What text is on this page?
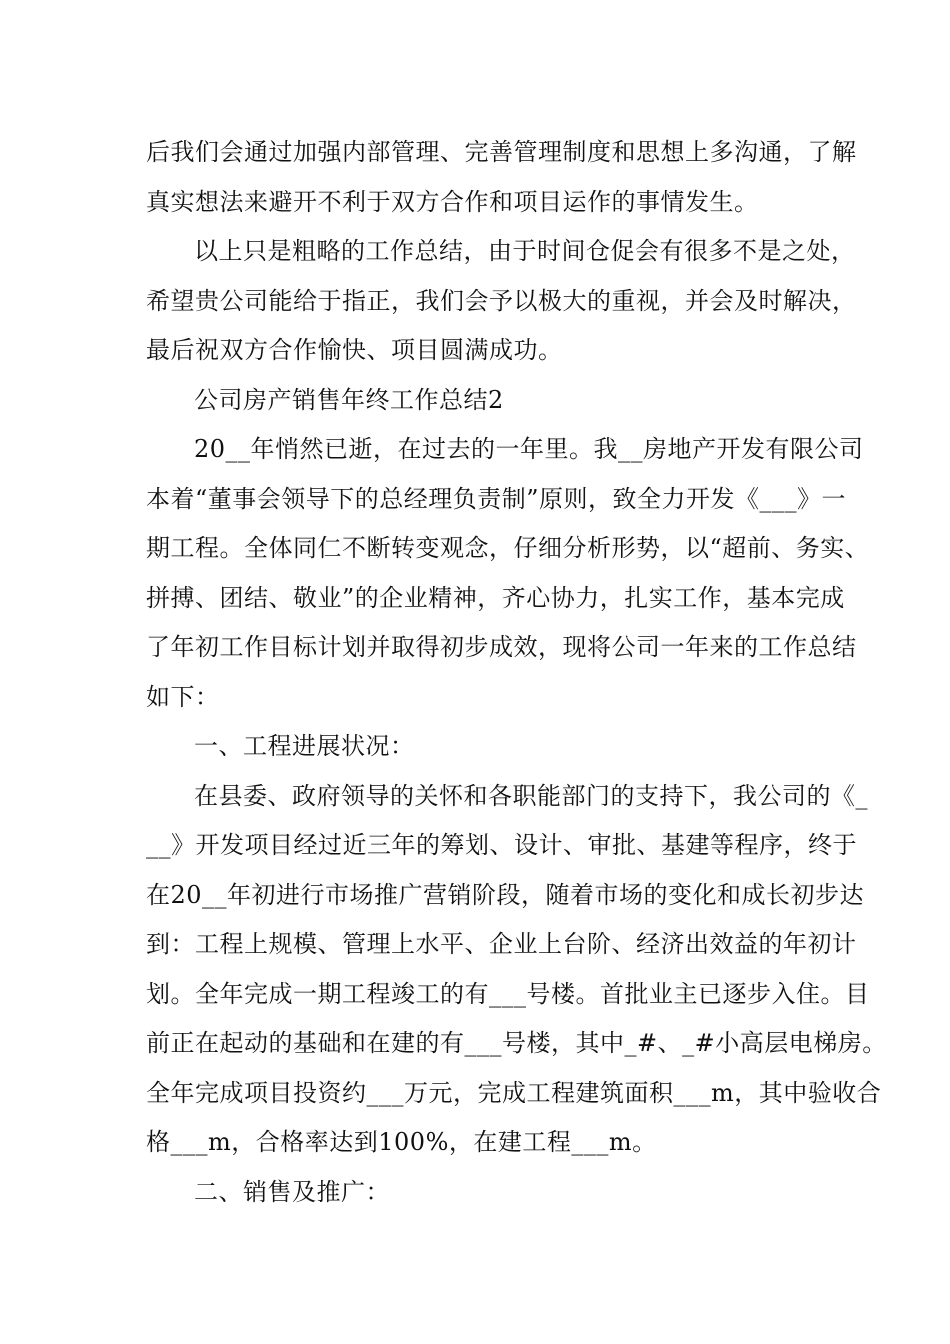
后我们会通过加强内部管理、完善管理制度和思想上多沟通，了解
真实想法来避开不利于双方合作和项目运作的事情发生。
以上只是粗略的工作总结，由于时间仓促会有很多不是之处，
希望贵公司能给于指正，我们会予以极大的重视，并会及时解决，
最后祝双方合作愉快、项目圆满成功。
公司房产销售年终工作总结2
20__年悄然已逝，在过去的一年里。我__房地产开发有限公司
本着“董事会领导下的总经理负责制”原则，致全力开发《___》一
期工程。全体同仁不断转变观念，仔细分析形势，以“超前、务实、
拼搏、团结、敬业”的企业精神，齐心协力，扎实工作，基本完成
了年初工作目标计划并取得初步成效，现将公司一年来的工作总结
如下：
一、工程进展状况：
在县委、政府领导的关怀和各职能部门的支持下，我公司的《_
__》开发项目经过近三年的筹划、设计、审批、基建等程序，终于
在20__年初进行市场推广营销阶段，随着市场的变化和成长初步达
到：工程上规模、管理上水平、企业上台阶、经济出效益的年初计
划。全年完成一期工程竣工的有___号楼。首批业主已逐步入住。目
前正在起动的基础和在建的有___号楼，其中_#、_#小高层电梯房。
全年完成项目投资约___万元，完成工程建筑面积___m，其中验收合
格___m，合格率达到100%，在建工程___m。
二、销售及推广：
